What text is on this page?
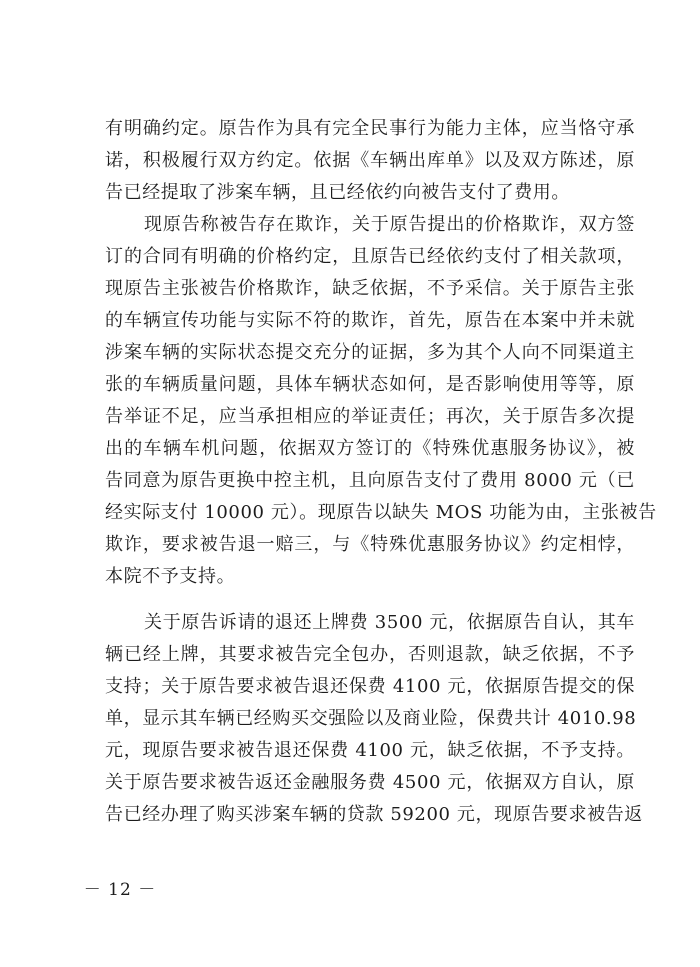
有明确约定。原告作为具有完全民事行为能力主体，应当恪守承
诺，积极履行双方约定。依据《车辆出库单》以及双方陈述，原
告已经提取了涉案车辆，且已经依约向被告支付了费用。
现原告称被告存在欺诈，关于原告提出的价格欺诈，双方签
订的合同有明确的价格约定，且原告已经依约支付了相关款项，
现原告主张被告价格欺诈，缺乏依据，不予采信。关于原告主张
的车辆宣传功能与实际不符的欺诈，首先，原告在本案中并未就
涉案车辆的实际状态提交充分的证据，多为其个人向不同渠道主
张的车辆质量问题，具体车辆状态如何，是否影响使用等等，原
告举证不足，应当承担相应的举证责任；再次，关于原告多次提
出的车辆车机问题，依据双方签订的《特殊优惠服务协议》，被
告同意为原告更换中控主机，且向原告支付了费用 8000 元（已
经实际支付 10000 元）。现原告以缺失 MOS 功能为由，主张被告
欺诈，要求被告退一赔三，与《特殊优惠服务协议》约定相悖，
本院不予支持。
关于原告诉请的退还上牌费 3500 元，依据原告自认，其车
辆已经上牌，其要求被告完全包办，否则退款，缺乏依据，不予
支持；关于原告要求被告退还保费 4100 元，依据原告提交的保
单，显示其车辆已经购买交强险以及商业险，保费共计 4010.98
元，现原告要求被告退还保费 4100 元，缺乏依据，不予支持。
关于原告要求被告返还金融服务费 4500 元，依据双方自认，原
告已经办理了购买涉案车辆的贷款 59200 元，现原告要求被告返
－ 12 －
